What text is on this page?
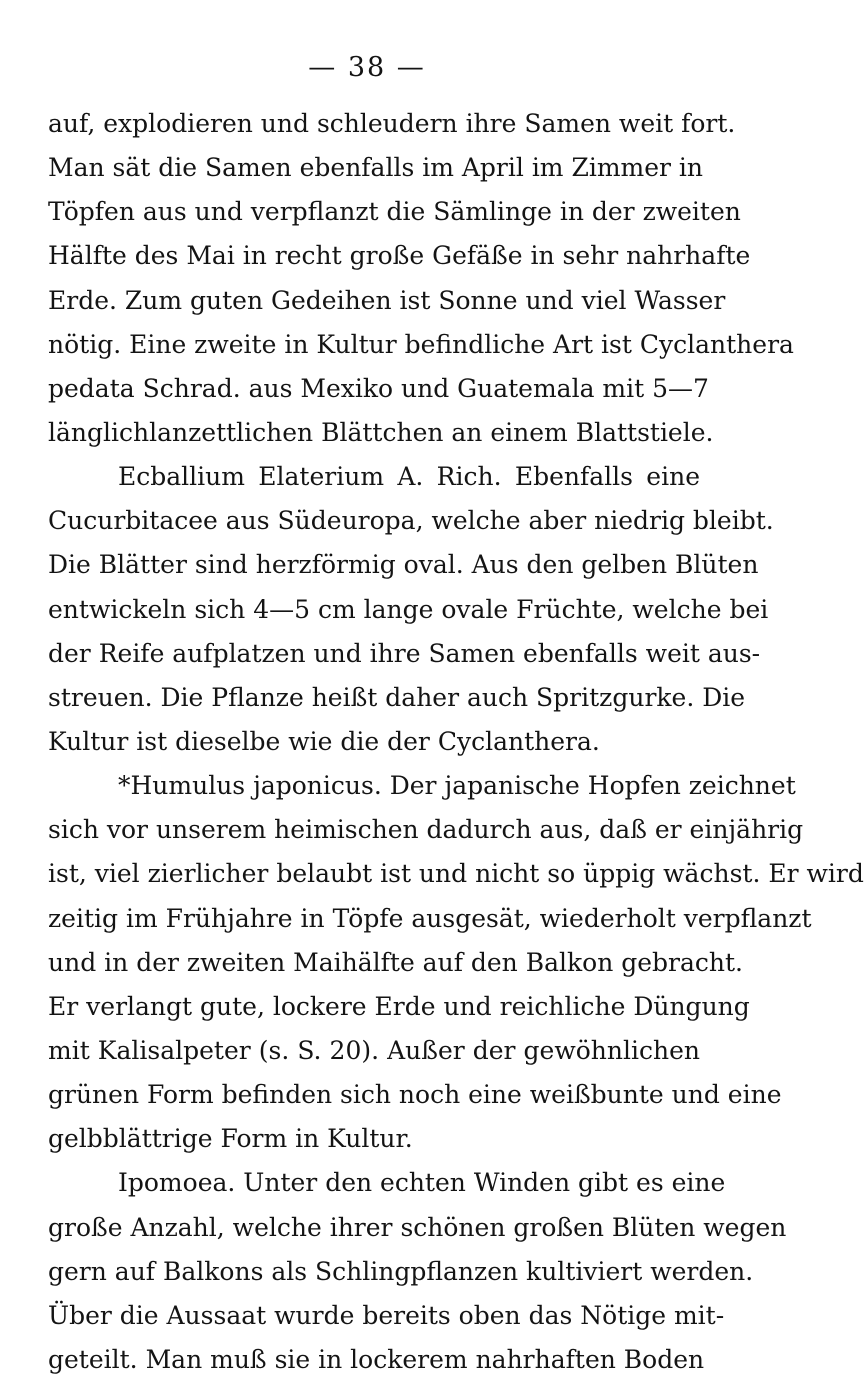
— 38 —
auf, explodieren und schleudern ihre Samen weit fort.
Man sät die Samen ebenfalls im April im Zimmer in
Töpfen aus und verpflanzt die Sämlinge in der zweiten
Hälfte des Mai in recht große Gefäße in sehr nahrhafte
Erde. Zum guten Gedeihen ist Sonne und viel Wasser
nötig. Eine zweite in Kultur befindliche Art ist Cyclanthera
pedata Schrad. aus Mexiko und Guatemala mit 5—7
länglichlanzettlichen Blättchen an einem Blattstiele.
Ecballium Elaterium A. Rich. Ebenfalls eine
Cucurbitacee aus Südeuropa, welche aber niedrig bleibt.
Die Blätter sind herzförmig oval. Aus den gelben Blüten
entwickeln sich 4—5 cm lange ovale Früchte, welche bei
der Reife aufplatzen und ihre Samen ebenfalls weit aus-
streuen. Die Pflanze heißt daher auch Spritzgurke. Die
Kultur ist dieselbe wie die der Cyclanthera.
*Humulus japonicus. Der japanische Hopfen zeichnet
sich vor unserem heimischen dadurch aus, daß er einjährig
ist, viel zierlicher belaubt ist und nicht so üppig wächst. Er wird
zeitig im Frühjahre in Töpfe ausgesät, wiederholt verpflanzt
und in der zweiten Maihälfte auf den Balkon gebracht.
Er verlangt gute, lockere Erde und reichliche Düngung
mit Kalisalpeter (s. S. 20). Außer der gewöhnlichen
grünen Form befinden sich noch eine weißbunte und eine
gelbblättrige Form in Kultur.
Ipomoea. Unter den echten Winden gibt es eine
große Anzahl, welche ihrer schönen großen Blüten wegen
gern auf Balkons als Schlingpflanzen kultiviert werden.
Über die Aussaat wurde bereits oben das Nötige mit-
geteilt. Man muß sie in lockerem nahrhaften Boden
